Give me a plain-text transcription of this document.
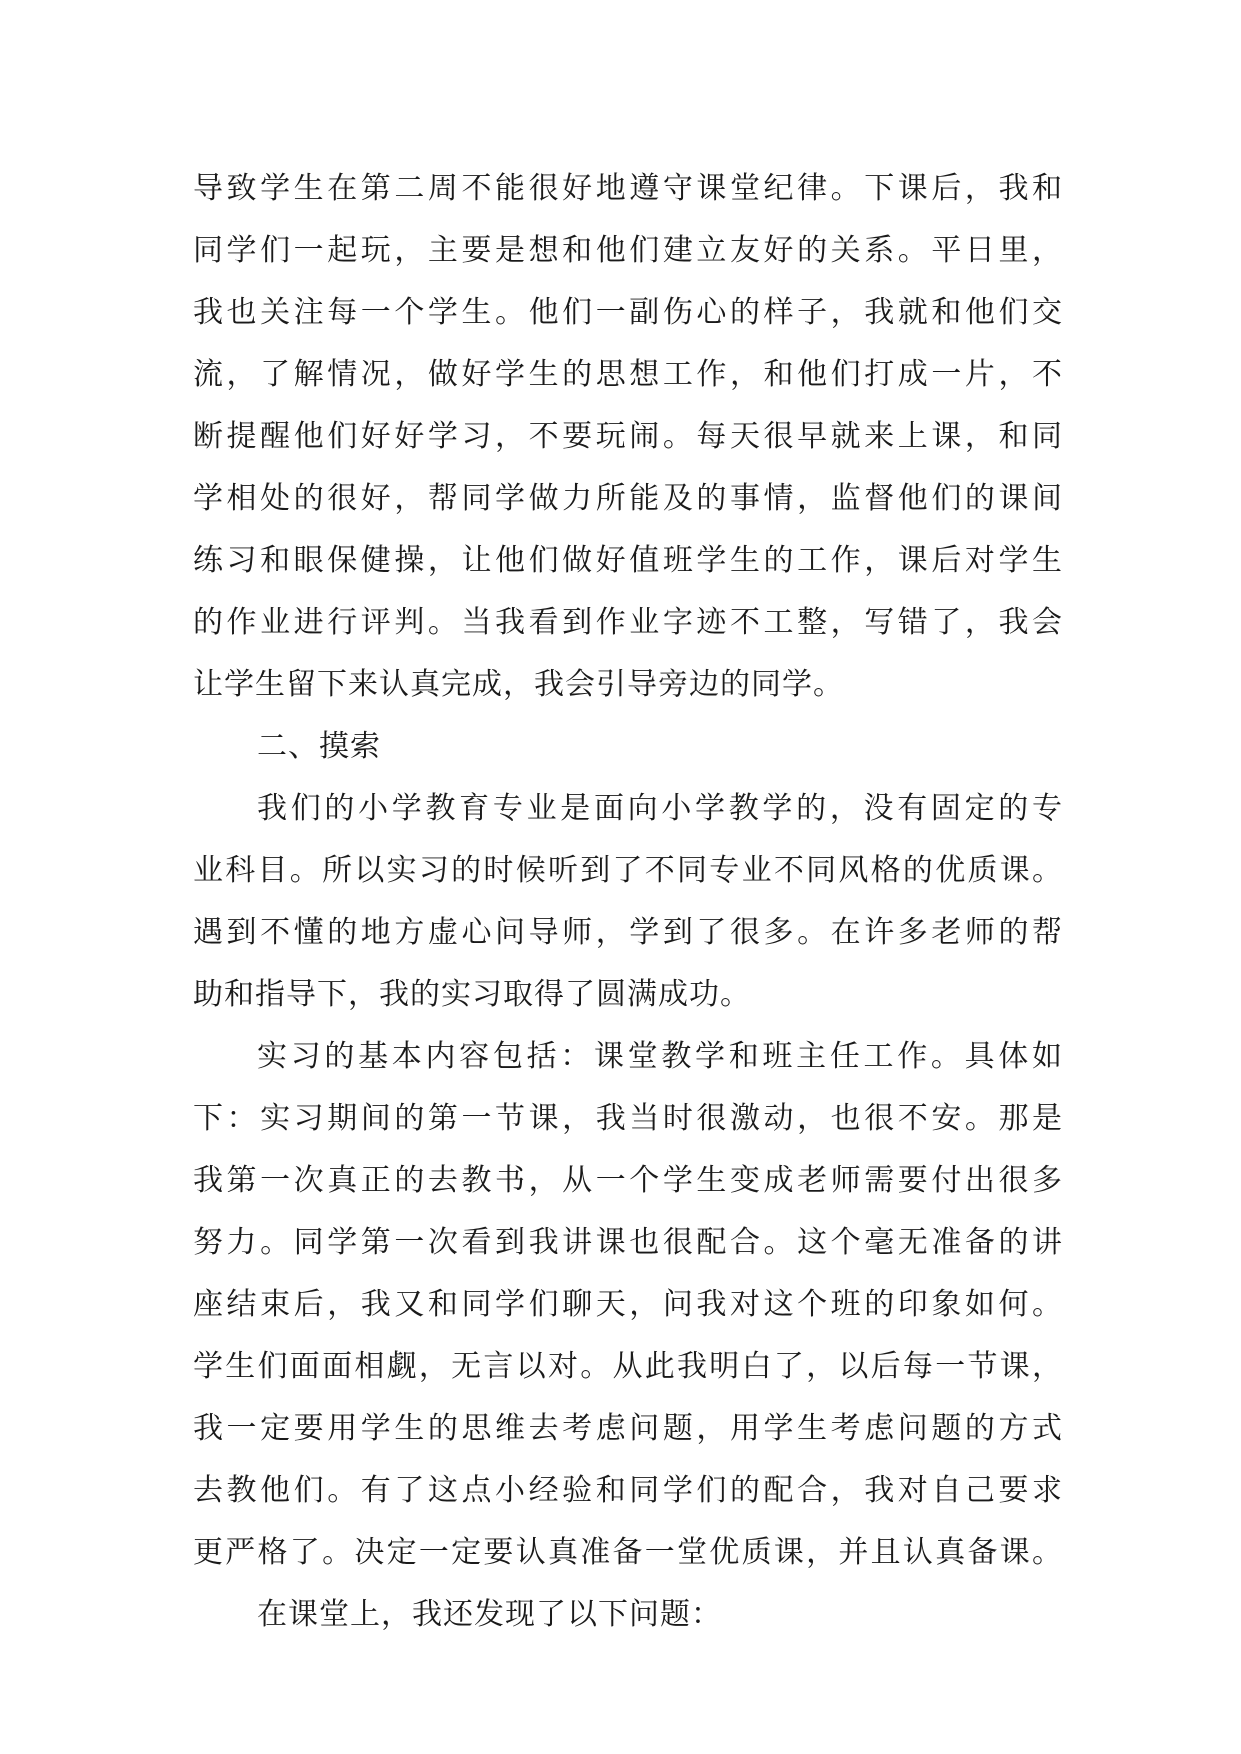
导致学生在第二周不能很好地遵守课堂纪律。下课后，我和
同学们一起玩，主要是想和他们建立友好的关系。平日里，
我也关注每一个学生。他们一副伤心的样子，我就和他们交
流，了解情况，做好学生的思想工作，和他们打成一片，不
断提醒他们好好学习，不要玩闹。每天很早就来上课，和同
学相处的很好，帮同学做力所能及的事情，监督他们的课间
练习和眼保健操，让他们做好值班学生的工作，课后对学生
的作业进行评判。当我看到作业字迹不工整，写错了，我会
让学生留下来认真完成，我会引导旁边的同学。
二、摸索
我们的小学教育专业是面向小学教学的，没有固定的专
业科目。所以实习的时候听到了不同专业不同风格的优质课。
遇到不懂的地方虚心问导师，学到了很多。在许多老师的帮
助和指导下，我的实习取得了圆满成功。
实习的基本内容包括：课堂教学和班主任工作。具体如
下：实习期间的第一节课，我当时很激动，也很不安。那是
我第一次真正的去教书，从一个学生变成老师需要付出很多
努力。同学第一次看到我讲课也很配合。这个毫无准备的讲
座结束后，我又和同学们聊天，问我对这个班的印象如何。
学生们面面相觑，无言以对。从此我明白了，以后每一节课，
我一定要用学生的思维去考虑问题，用学生考虑问题的方式
去教他们。有了这点小经验和同学们的配合，我对自己要求
更严格了。决定一定要认真准备一堂优质课，并且认真备课。
在课堂上，我还发现了以下问题：
